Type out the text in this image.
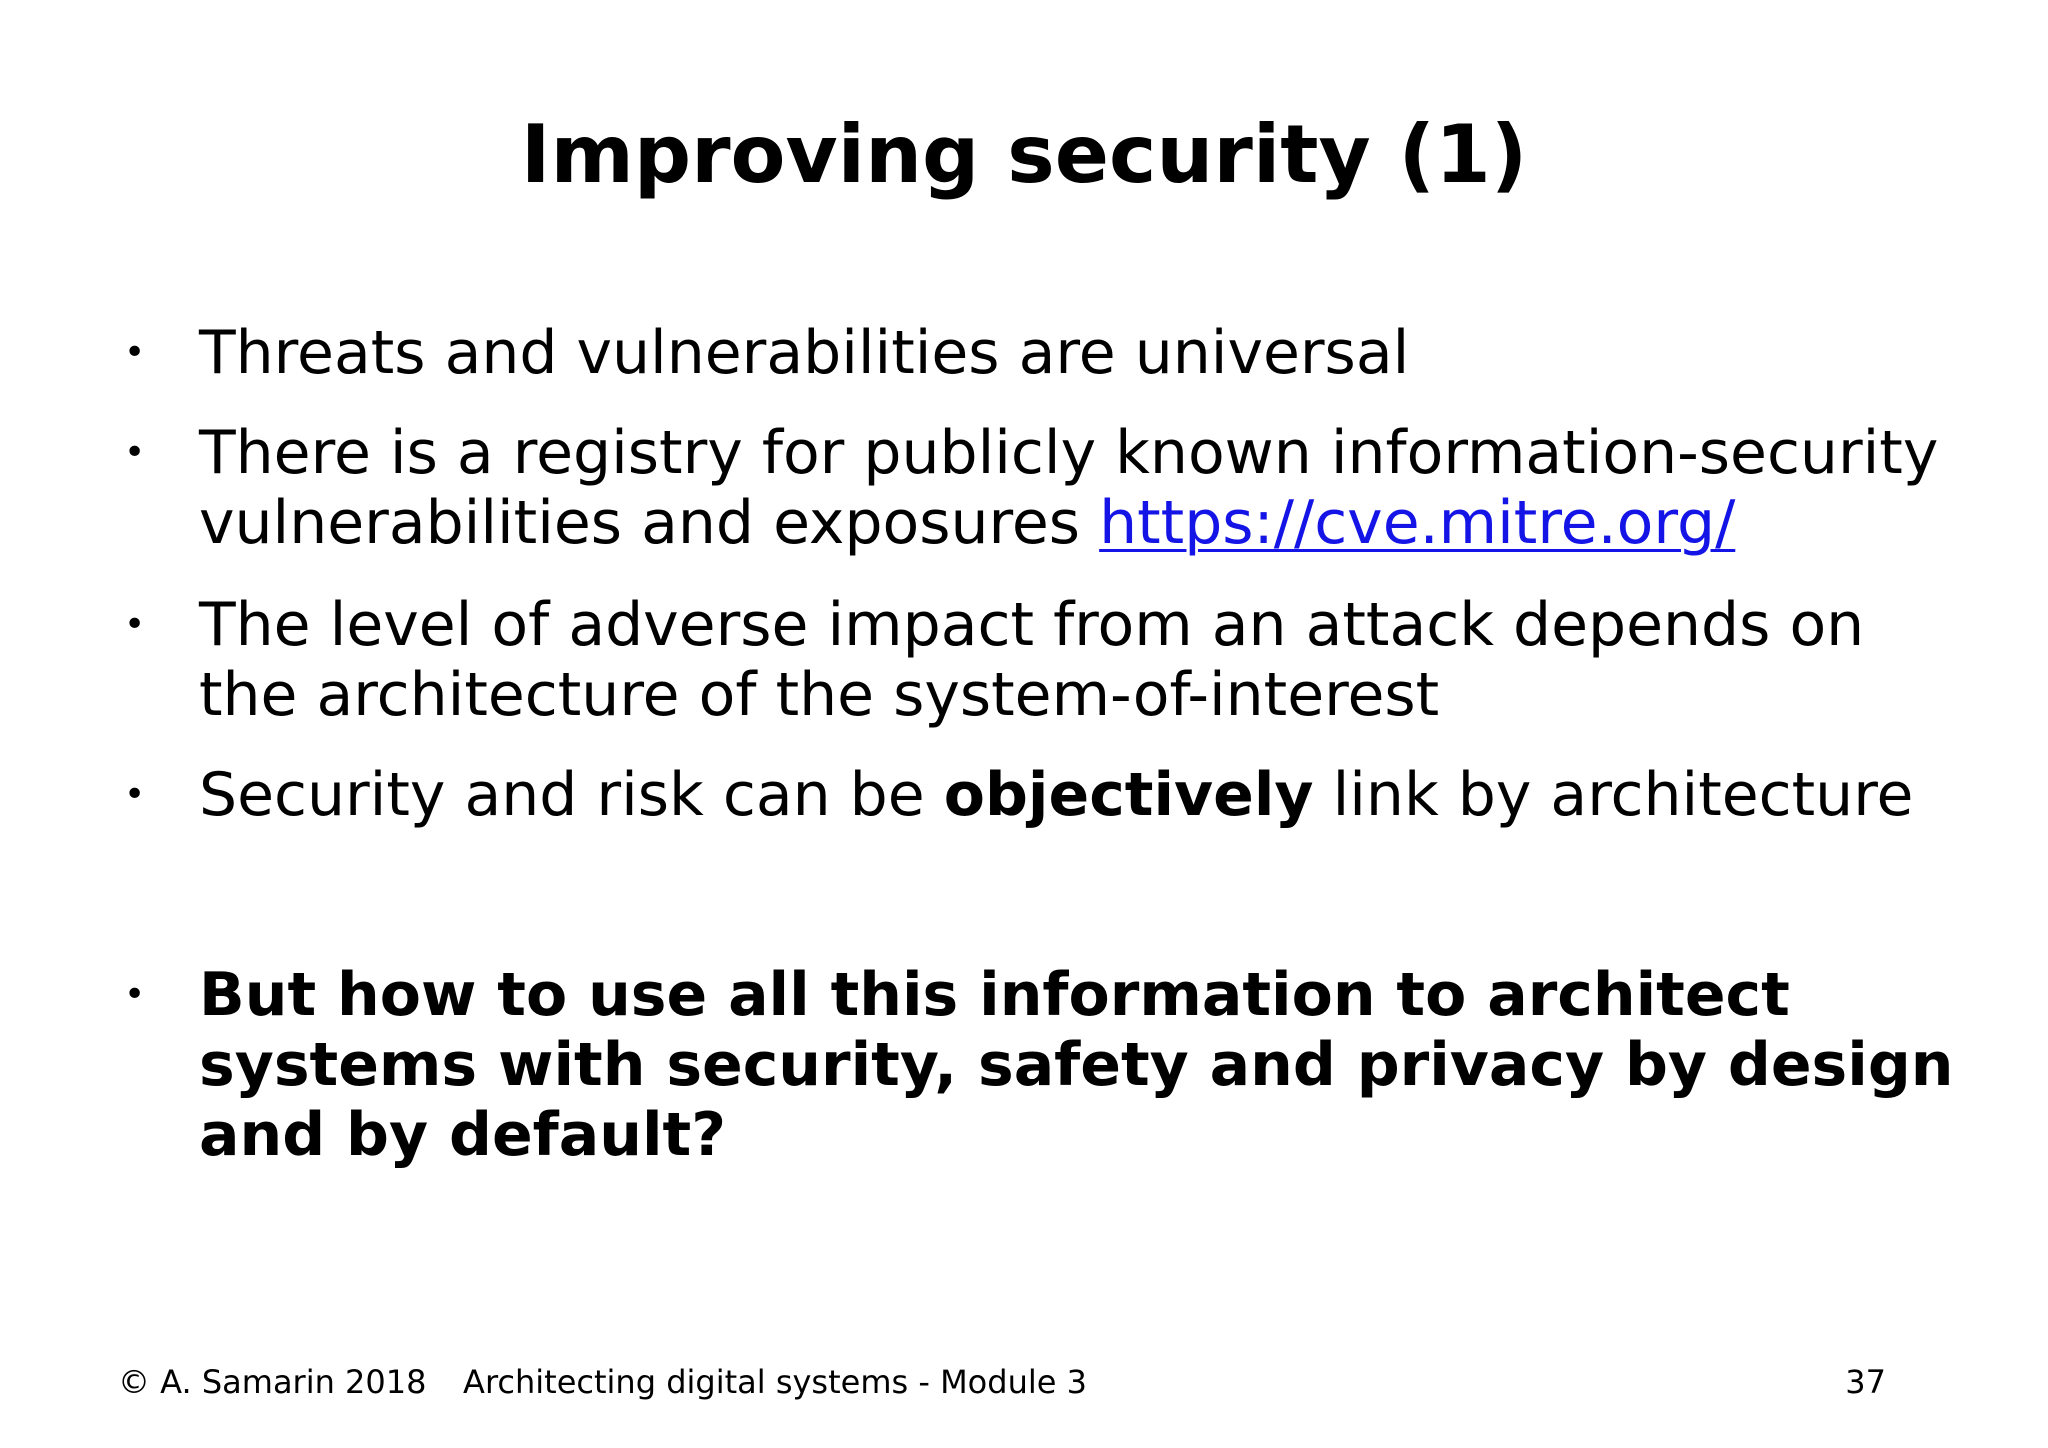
Improving security (1)
• Threats and vulnerabilities are universal
• There is a registry for publicly known information-security
vulnerabilities and exposures https://cve.mitre.org/
• The level of adverse impact from an attack depends on
the architecture of the system-of-interest
• Security and risk can be objectively link by architecture
• But how to use all this information to architect
systems with security, safety and privacy by design
and by default?
© A. Samarin 2018	Architecting digital systems - Module 3	37
